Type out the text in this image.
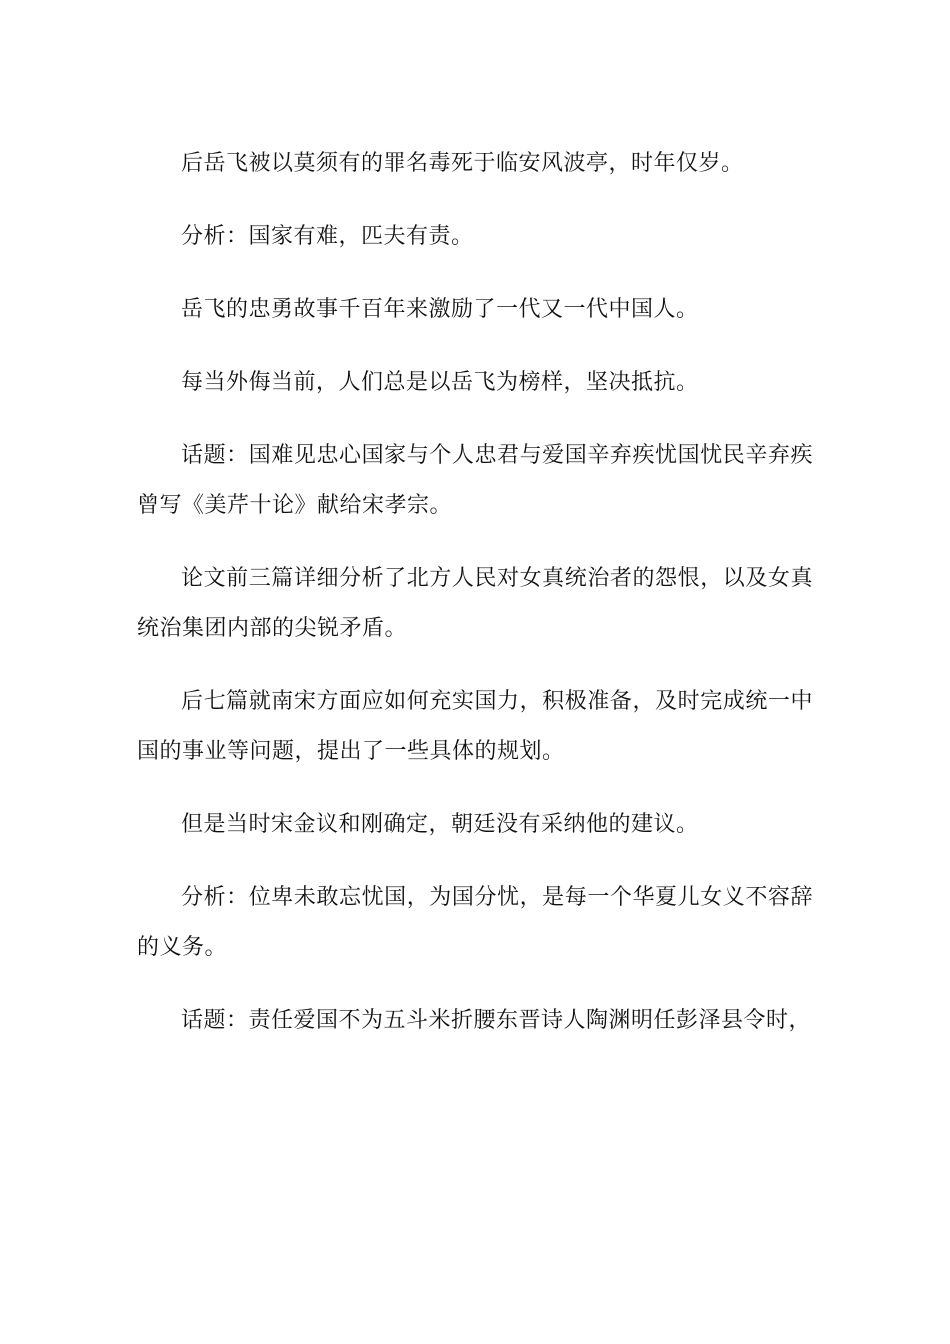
后岳飞被以莫须有的罪名毒死于临安风波亭，时年仅岁。

分析：国家有难，匹夫有责。

岳飞的忠勇故事千百年来激励了一代又一代中国人。

每当外侮当前，人们总是以岳飞为榜样，坚决抵抗。

话题：国难见忠心国家与个人忠君与爱国辛弃疾忧国忧民辛弃疾曾写《美芹十论》献给宋孝宗。

论文前三篇详细分析了北方人民对女真统治者的怨恨，以及女真统治集团内部的尖锐矛盾。

后七篇就南宋方面应如何充实国力，积极准备，及时完成统一中国的事业等问题，提出了一些具体的规划。

但是当时宋金议和刚确定，朝廷没有采纳他的建议。

分析：位卑未敢忘忧国，为国分忧，是每一个华夏儿女义不容辞的义务。

话题：责任爱国不为五斗米折腰东晋诗人陶渊明任彭泽县令时，
